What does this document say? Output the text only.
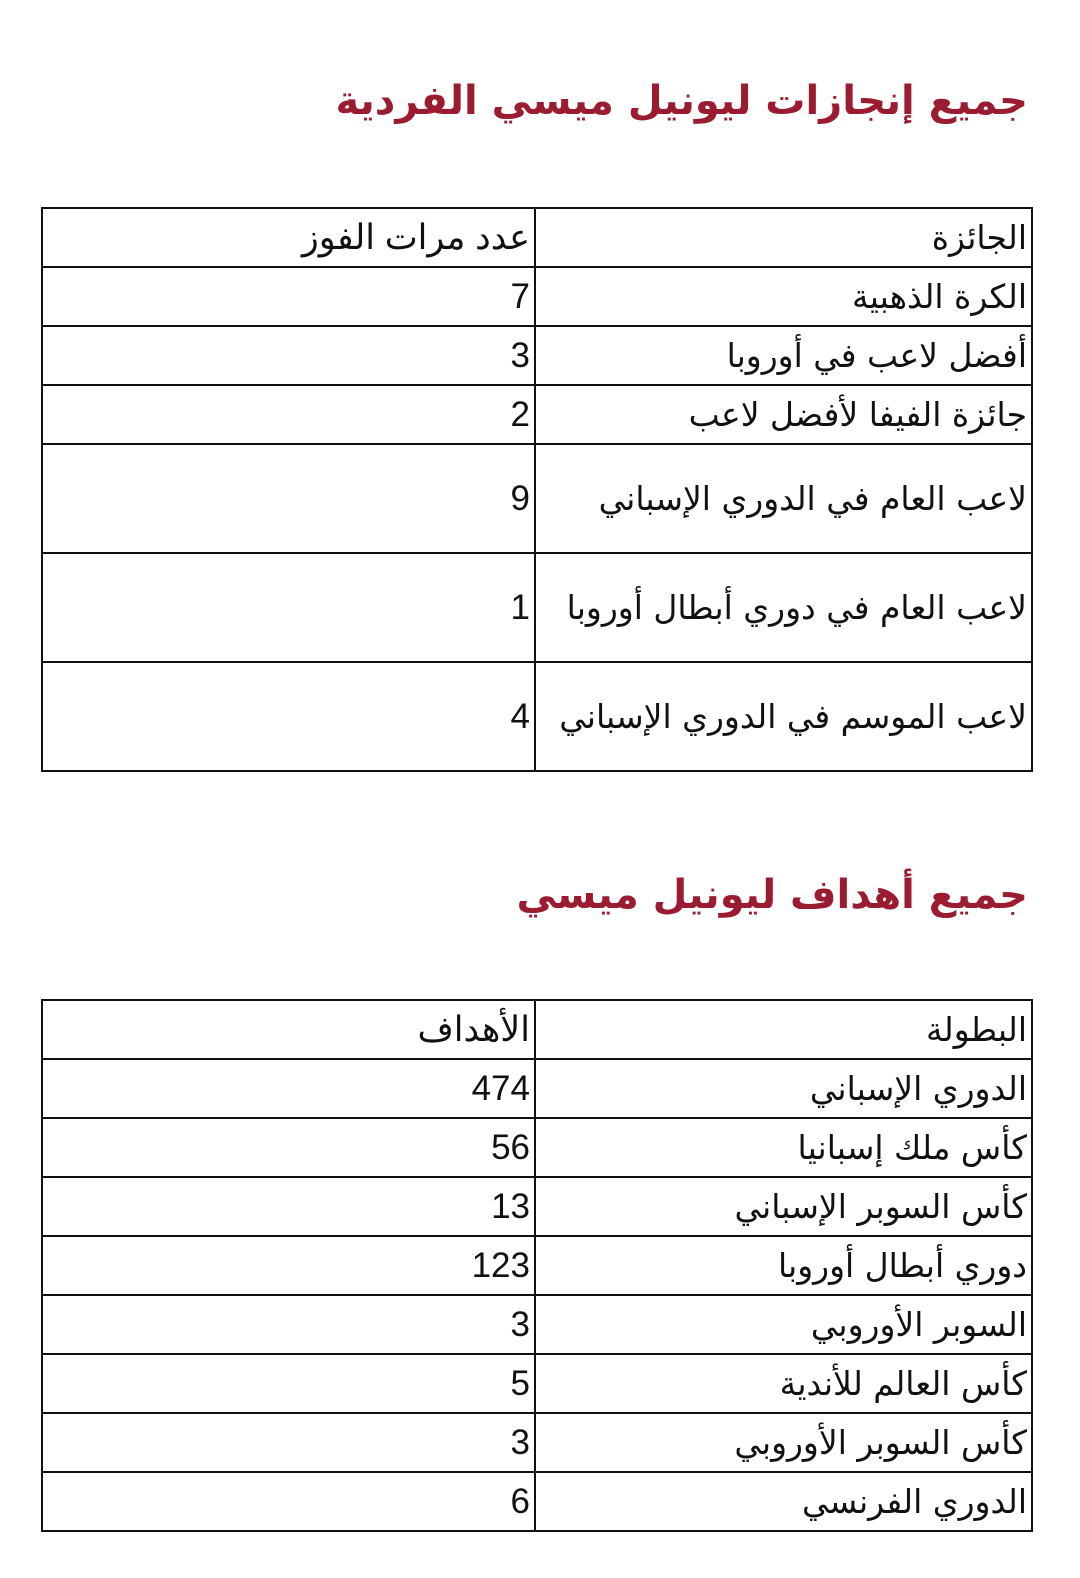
جميع إنجازات ليونيل ميسي الفردية
الجائزة	عدد مرات الفوز
الكرة الذهبية	7
أفضل لاعب في أوروبا	3
جائزة الفيفا لأفضل لاعب	2
لاعب العام في الدوري الإسباني	9
لاعب العام في دوري أبطال أوروبا	1
لاعب الموسم في الدوري الإسباني	4
جميع أهداف ليونيل ميسي
البطولة	الأهداف
الدوري الإسباني	474
كأس ملك إسبانيا	56
كأس السوبر الإسباني	13
دوري أبطال أوروبا	123
السوبر الأوروبي	3
كأس العالم للأندية	5
كأس السوبر الأوروبي	3
الدوري الفرنسي	6
